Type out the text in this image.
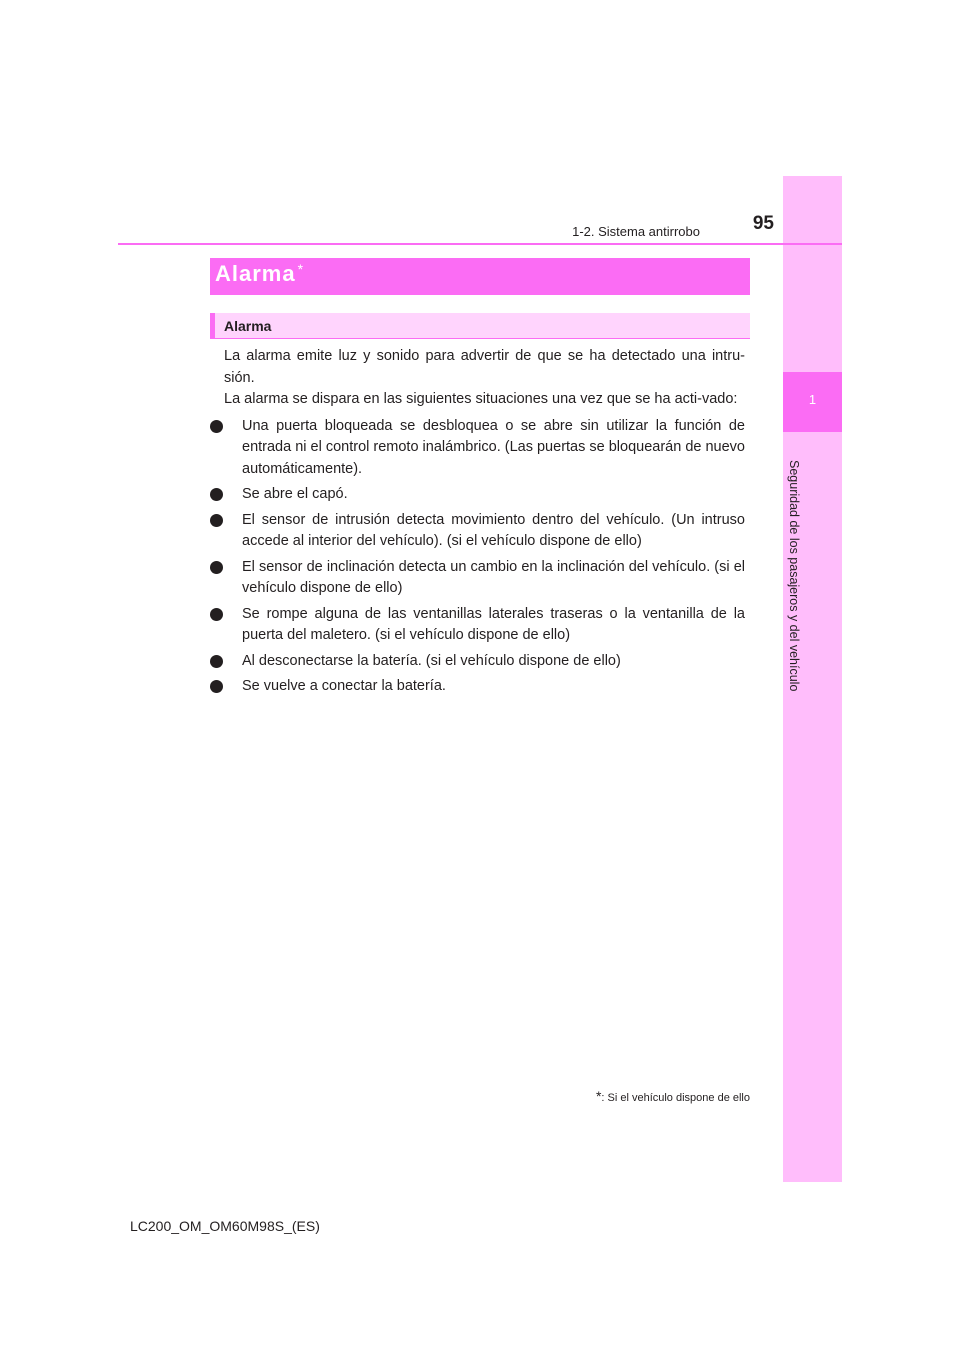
1
Seguridad de los pasajeros y del vehículo
1-2. Sistema antirrobo	95
Alarma *
Alarma

La alarma emite luz y sonido para advertir de que se ha detectado una intru-sión.

La alarma se dispara en las siguientes situaciones una vez que se ha acti-vado:

Una puerta bloqueada se desbloquea o se abre sin utilizar la función de entrada ni el control remoto inalámbrico. (Las puertas se bloquearán de nuevo automáticamente).
Se abre el capó.
El sensor de intrusión detecta movimiento dentro del vehículo. (Un intruso accede al interior del vehículo). (si el vehículo dispone de ello)
El sensor de inclinación detecta un cambio en la inclinación del vehículo. (si el vehículo dispone de ello)
Se rompe alguna de las ventanillas laterales traseras o la ventanilla de la puerta del maletero. (si el vehículo dispone de ello)
Al desconectarse la batería. (si el vehículo dispone de ello)
Se vuelve a conectar la batería.
*: Si el vehículo dispone de ello
LC200_OM_OM60M98S_(ES)
